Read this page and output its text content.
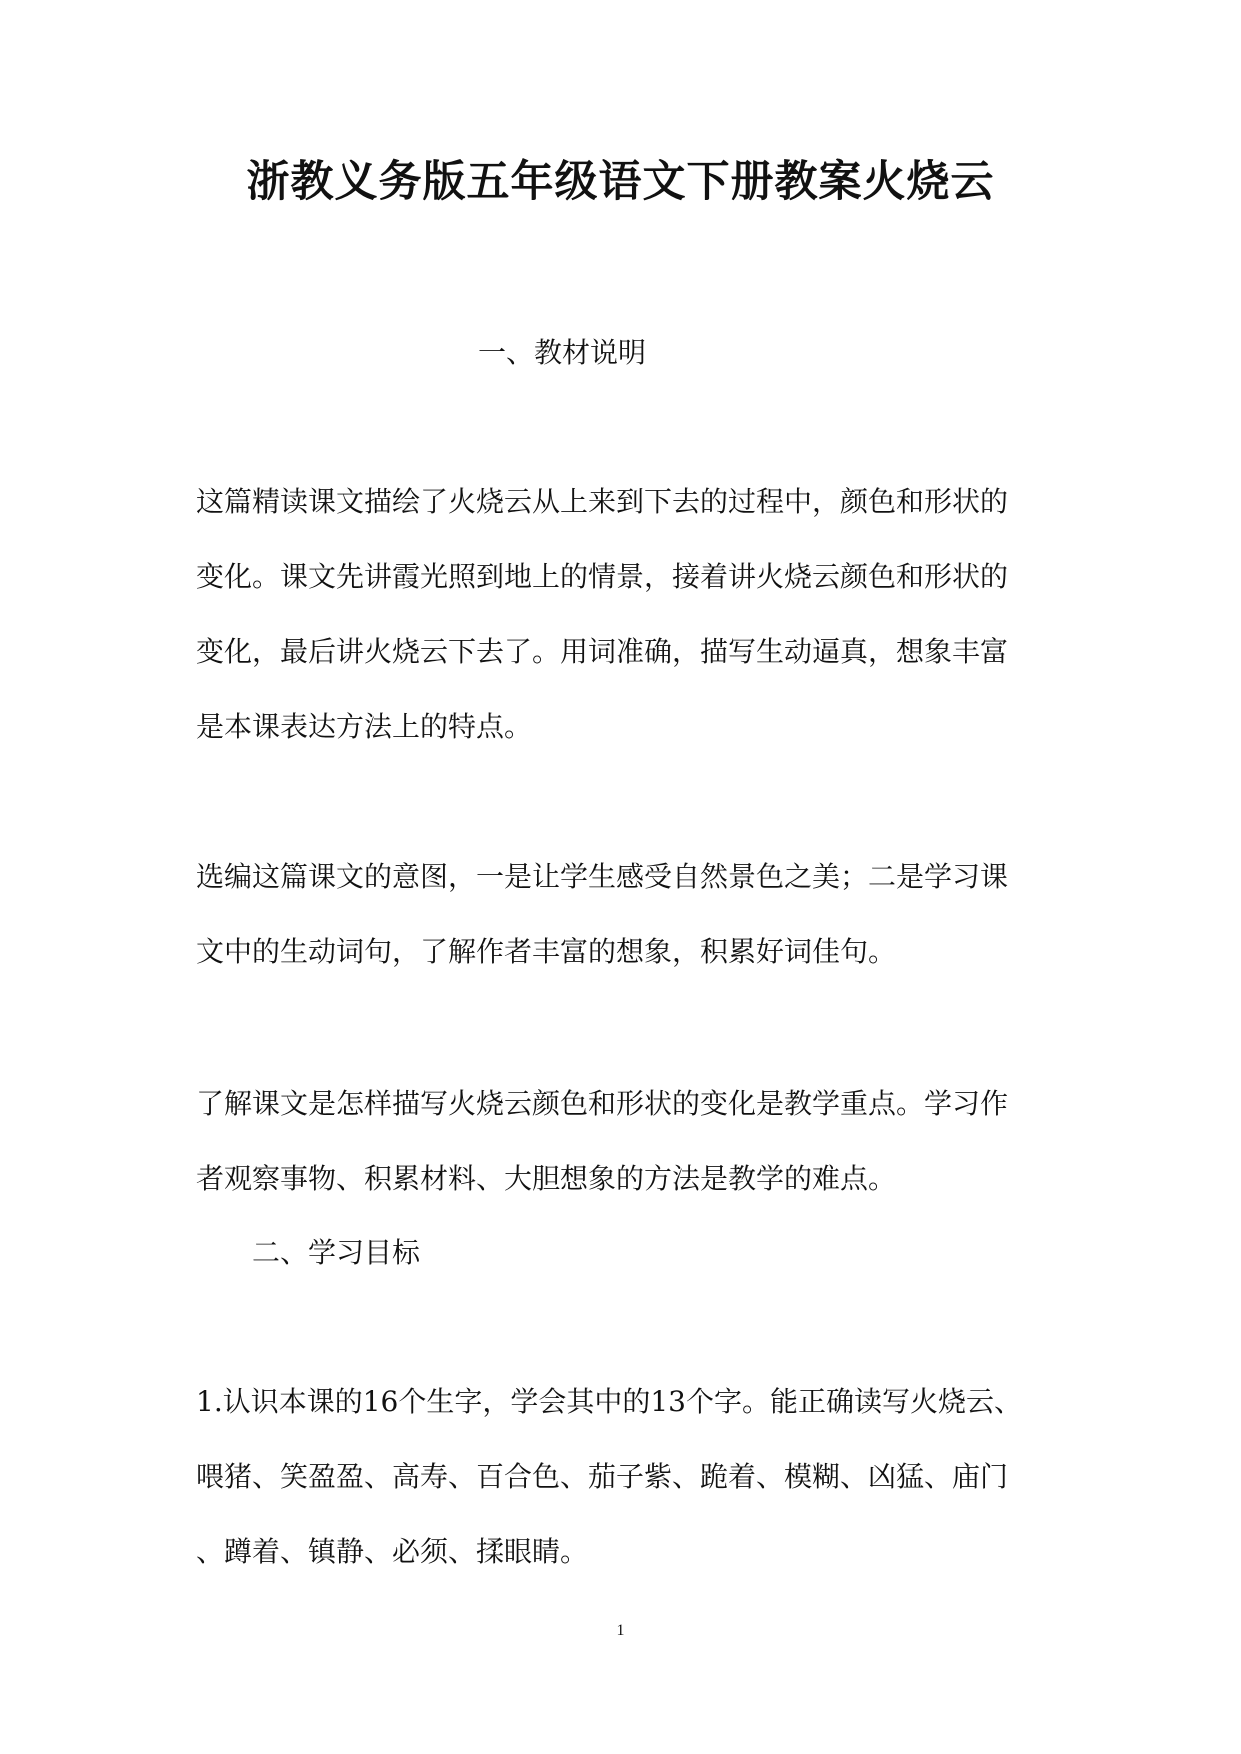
浙教义务版五年级语文下册教案火烧云
一、教材说明
这篇精读课文描绘了火烧云从上来到下去的过程中，颜色和形状的
变化。课文先讲霞光照到地上的情景，接着讲火烧云颜色和形状的
变化，最后讲火烧云下去了。用词准确，描写生动逼真，想象丰富
是本课表达方法上的特点。
选编这篇课文的意图，一是让学生感受自然景色之美；二是学习课
文中的生动词句，了解作者丰富的想象，积累好词佳句。
了解课文是怎样描写火烧云颜色和形状的变化是教学重点。学习作
者观察事物、积累材料、大胆想象的方法是教学的难点。
二、学习目标
1.认识本课的16个生字，学会其中的13个字。能正确读写火烧云、
喂猪、笑盈盈、高寿、百合色、茄子紫、跪着、模糊、凶猛、庙门
、蹲着、镇静、必须、揉眼睛。
1
